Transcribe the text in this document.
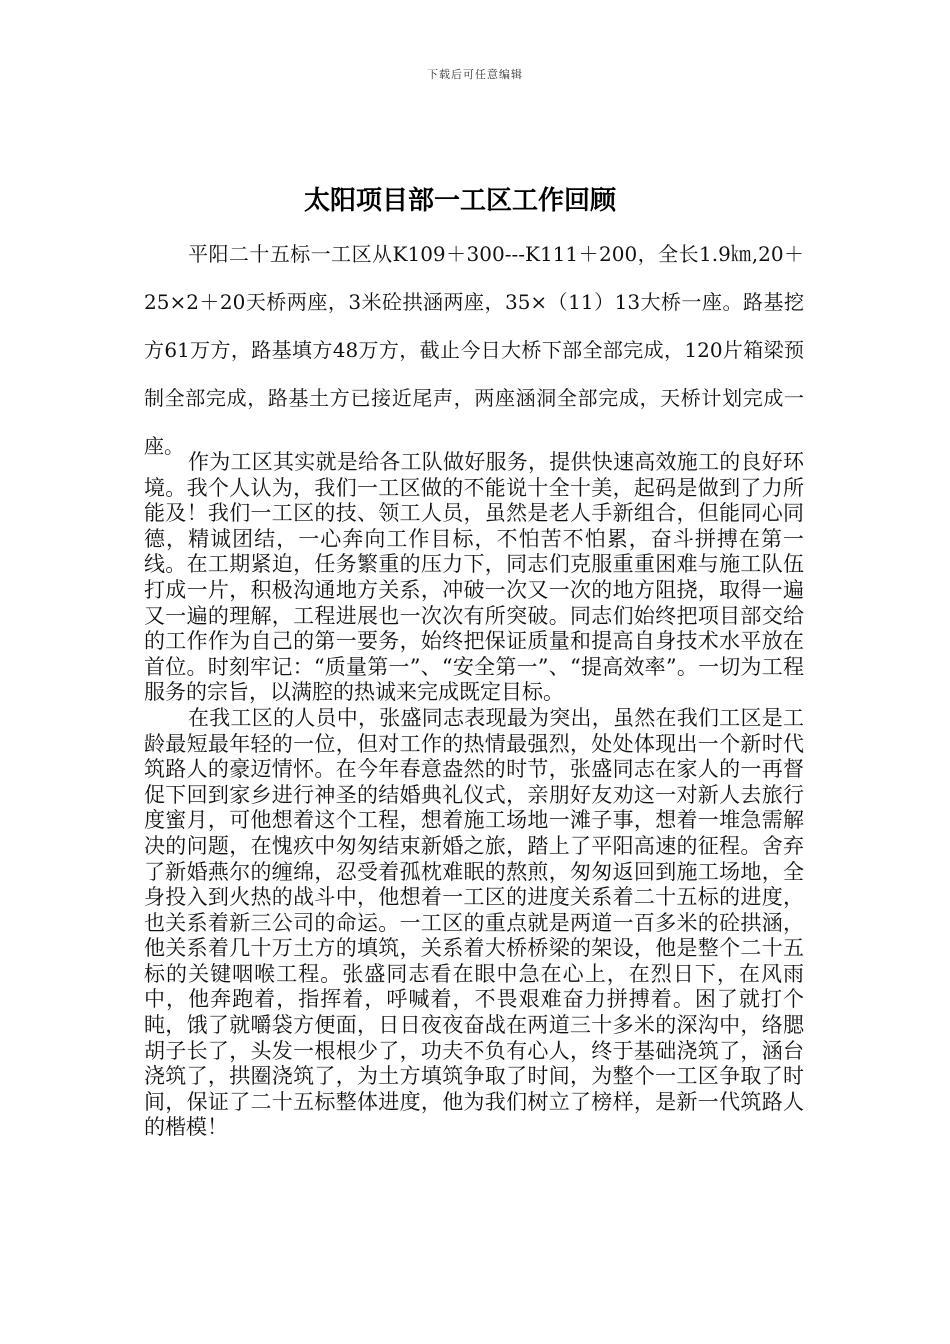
下载后可任意编辑
太阳项目部一工区工作回顾

平阳二十五标一工区从K109＋300---K111＋200，全长1.9㎞,20＋25×2＋20天桥两座，3米砼拱涵两座，35×（11）13大桥一座。路基挖方61万方，路基填方48万方，截止今日大桥下部全部完成，120片箱梁预制全部完成，路基土方已接近尾声，两座涵洞全部完成，天桥计划完成一座。

作为工区其实就是给各工队做好服务，提供快速高效施工的良好环境。我个人认为，我们一工区做的不能说十全十美，起码是做到了力所能及！我们一工区的技、领工人员，虽然是老人手新组合，但能同心同德，精诚团结，一心奔向工作目标，不怕苦不怕累，奋斗拼搏在第一线。在工期紧迫，任务繁重的压力下，同志们克服重重困难与施工队伍打成一片，积极沟通地方关系，冲破一次又一次的地方阻挠，取得一遍又一遍的理解，工程进展也一次次有所突破。同志们始终把项目部交给的工作作为自己的第一要务，始终把保证质量和提高自身技术水平放在首位。时刻牢记：“质量第一”、“安全第一”、“提高效率”。一切为工程服务的宗旨，以满腔的热诚来完成既定目标。

在我工区的人员中，张盛同志表现最为突出，虽然在我们工区是工龄最短最年轻的一位，但对工作的热情最强烈，处处体现出一个新时代筑路人的豪迈情怀。在今年春意盎然的时节，张盛同志在家人的一再督促下回到家乡进行神圣的结婚典礼仪式，亲朋好友劝这一对新人去旅行度蜜月，可他想着这个工程，想着施工场地一滩子事，想着一堆急需解决的问题，在愧疚中匆匆结束新婚之旅，踏上了平阳高速的征程。舍弃了新婚燕尔的缠绵，忍受着孤枕难眠的熬煎，匆匆返回到施工场地，全身投入到火热的战斗中，他想着一工区的进度关系着二十五标的进度，也关系着新三公司的命运。一工区的重点就是两道一百多米的砼拱涵，他关系着几十万土方的填筑，关系着大桥桥梁的架设，他是整个二十五标的关键咽喉工程。张盛同志看在眼中急在心上，在烈日下，在风雨中，他奔跑着，指挥着，呼喊着，不畏艰难奋力拼搏着。困了就打个盹，饿了就嚼袋方便面，日日夜夜奋战在两道三十多米的深沟中，络腮胡子长了，头发一根根少了，功夫不负有心人，终于基础浇筑了，涵台浇筑了，拱圈浇筑了，为土方填筑争取了时间，为整个一工区争取了时间，保证了二十五标整体进度，他为我们树立了榜样，是新一代筑路人的楷模！
